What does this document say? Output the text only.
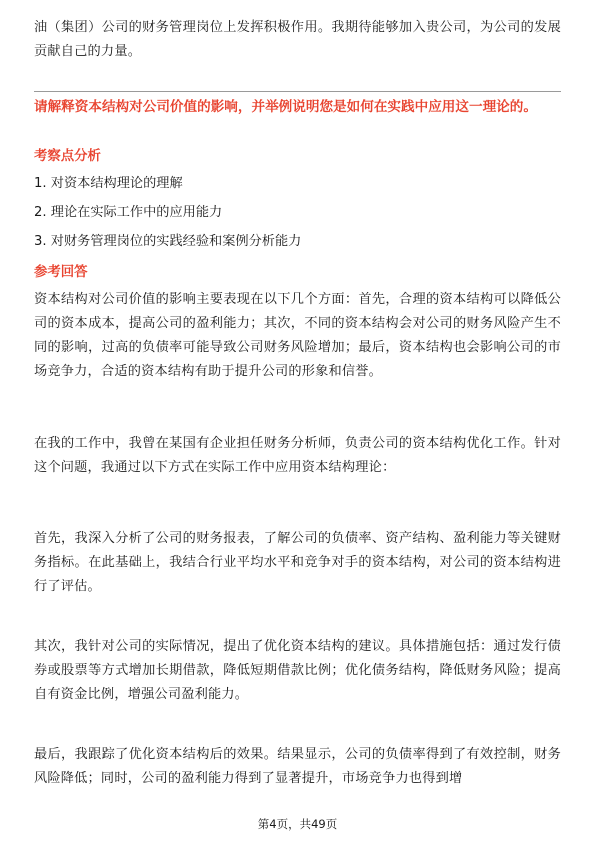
油（集团）公司的财务管理岗位上发挥积极作用。我期待能够加入贵公司，为公司的发展贡献自己的力量。

请解释资本结构对公司价值的影响，并举例说明您是如何在实践中应用这一理论的。

考察点分析

1. 对资本结构理论的理解

2. 理论在实际工作中的应用能力

3. 对财务管理岗位的实践经验和案例分析能力

参考回答

资本结构对公司价值的影响主要表现在以下几个方面：首先，合理的资本结构可以降低公司的资本成本，提高公司的盈利能力；其次，不同的资本结构会对公司的财务风险产生不同的影响，过高的负债率可能导致公司财务风险增加；最后，资本结构也会影响公司的市场竞争力，合适的资本结构有助于提升公司的形象和信誉。

在我的工作中，我曾在某国有企业担任财务分析师，负责公司的资本结构优化工作。针对这个问题，我通过以下方式在实际工作中应用资本结构理论：

首先，我深入分析了公司的财务报表，了解公司的负债率、资产结构、盈利能力等关键财务指标。在此基础上，我结合行业平均水平和竞争对手的资本结构，对公司的资本结构进行了评估。

其次，我针对公司的实际情况，提出了优化资本结构的建议。具体措施包括：通过发行债券或股票等方式增加长期借款，降低短期借款比例；优化债务结构，降低财务风险；提高自有资金比例，增强公司盈利能力。

最后，我跟踪了优化资本结构后的效果。结果显示，公司的负债率得到了有效控制，财务风险降低；同时，公司的盈利能力得到了显著提升，市场竞争力也得到增

第4页，共49页
